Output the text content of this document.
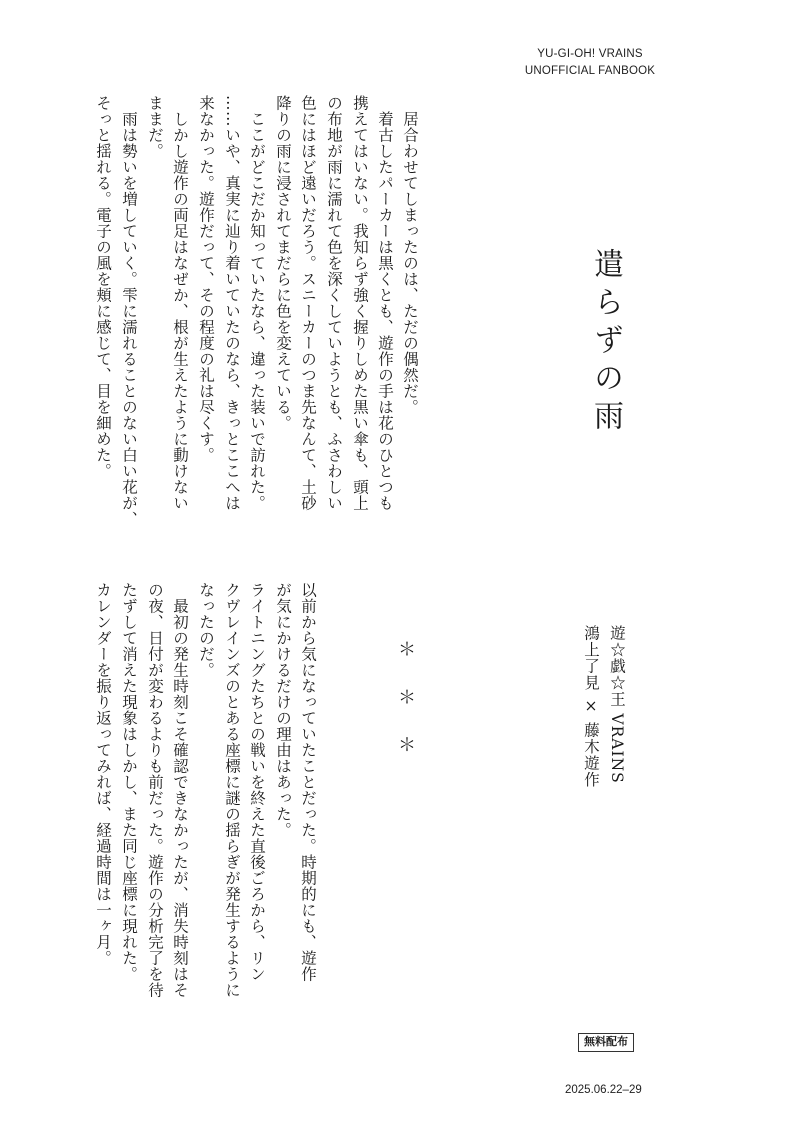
YU-GI-OH! VRAINS
UNOFFICIAL FANBOOK
遣らずの雨
遊☆戯☆王 VRAINS
鴻上了見 × 藤木遊作
＊ ＊ ＊
　居合わせてしまったのは、ただの偶然だ。
　着古したパーカーは黒くとも、遊作の手は花のひとつも
携えてはいない。我知らず強く握りしめた黒い傘も、頭上
の布地が雨に濡れて色を深くしていようとも、ふさわしい
色にはほど遠いだろう。スニーカーのつま先なんて、土砂
降りの雨に浸されてまだらに色を変えている。
　ここがどこだか知っていたなら、違った装いで訪れた。
……いや、真実に辿り着いていたのなら、きっとここへは
来なかった。遊作だって、その程度の礼は尽くす。
　しかし遊作の両足はなぜか、根が生えたように動けない
ままだ。
　雨は勢いを増していく。雫に濡れることのない白い花が、
そっと揺れる。電子の風を頬に感じて、目を細めた。
以前から気になっていたことだった。時期的にも、遊作
が気にかけるだけの理由はあった。
ライトニングたちとの戦いを終えた直後ごろから、リン
クヴレインズのとある座標に謎の揺らぎが発生するように
なったのだ。
　最初の発生時刻こそ確認できなかったが、消失時刻はそ
の夜、日付が変わるよりも前だった。遊作の分析完了を待
たずして消えた現象はしかし、また同じ座標に現れた。
カレンダーを振り返ってみれば、経過時間は一ヶ月。
無料配布
2025.06.22–29
